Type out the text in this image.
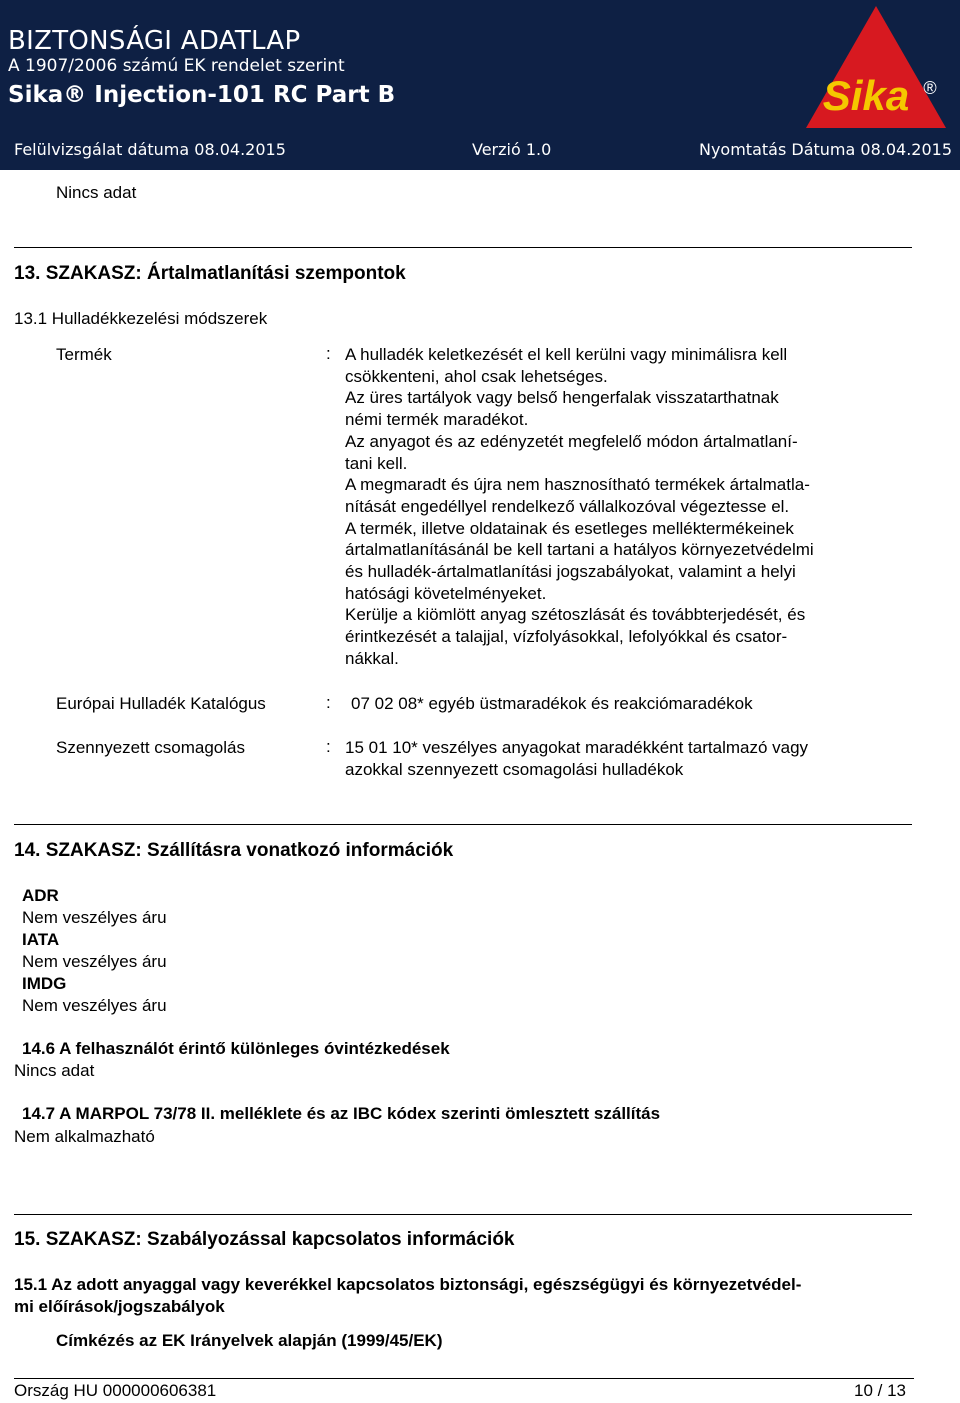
BIZTONSÁGI ADATLAP
A 1907/2006 számú EK rendelet szerint
Sika® Injection-101 RC Part B
Felülvizsgálat dátuma 08.04.2015	Verzió 1.0	Nyomtatás Dátuma 08.04.2015
Sika ®
Nincs adat
13. SZAKASZ: Ártalmatlanítási szempontok
13.1 Hulladékkezelési módszerek
Termék	: A hulladék keletkezését el kell kerülni vagy minimálisra kell
csökkenteni, ahol csak lehetséges.
Az üres tartályok vagy belső hengerfalak visszatarthatnak
némi termék maradékot.
Az anyagot és az edényzetét megfelelő módon ártalmatlaní-
tani kell.
A megmaradt és újra nem hasznosítható termékek ártalmatla-
nítását engedéllyel rendelkező vállalkozóval végeztesse el.
A termék, illetve oldatainak és esetleges melléktermékeinek
ártalmatlanításánál be kell tartani a hatályos környezetvédelmi
és hulladék-ártalmatlanítási jogszabályokat, valamint a helyi
hatósági követelményeket.
Kerülje a kiömlött anyag szétoszlását és továbbterjedését, és
érintkezését a talajjal, vízfolyásokkal, lefolyókkal és csator-
nákkal.
Európai Hulladék Katalógus	: 07 02 08* egyéb üstmaradékok és reakciómaradékok
Szennyezett csomagolás	: 15 01 10* veszélyes anyagokat maradékként tartalmazó vagy
azokkal szennyezett csomagolási hulladékok
14. SZAKASZ: Szállításra vonatkozó információk
ADR
Nem veszélyes áru
IATA
Nem veszélyes áru
IMDG
Nem veszélyes áru
14.6 A felhasználót érintő különleges óvintézkedések
Nincs adat
14.7 A MARPOL 73/78 II. melléklete és az IBC kódex szerinti ömlesztett szállítás
Nem alkalmazható
15. SZAKASZ: Szabályozással kapcsolatos információk
15.1 Az adott anyaggal vagy keverékkel kapcsolatos biztonsági, egészségügyi és környezetvédel-
mi előírások/jogszabályok
Címkézés az EK Irányelvek alapján (1999/45/EK)
Ország HU 000000606381	10 / 13
